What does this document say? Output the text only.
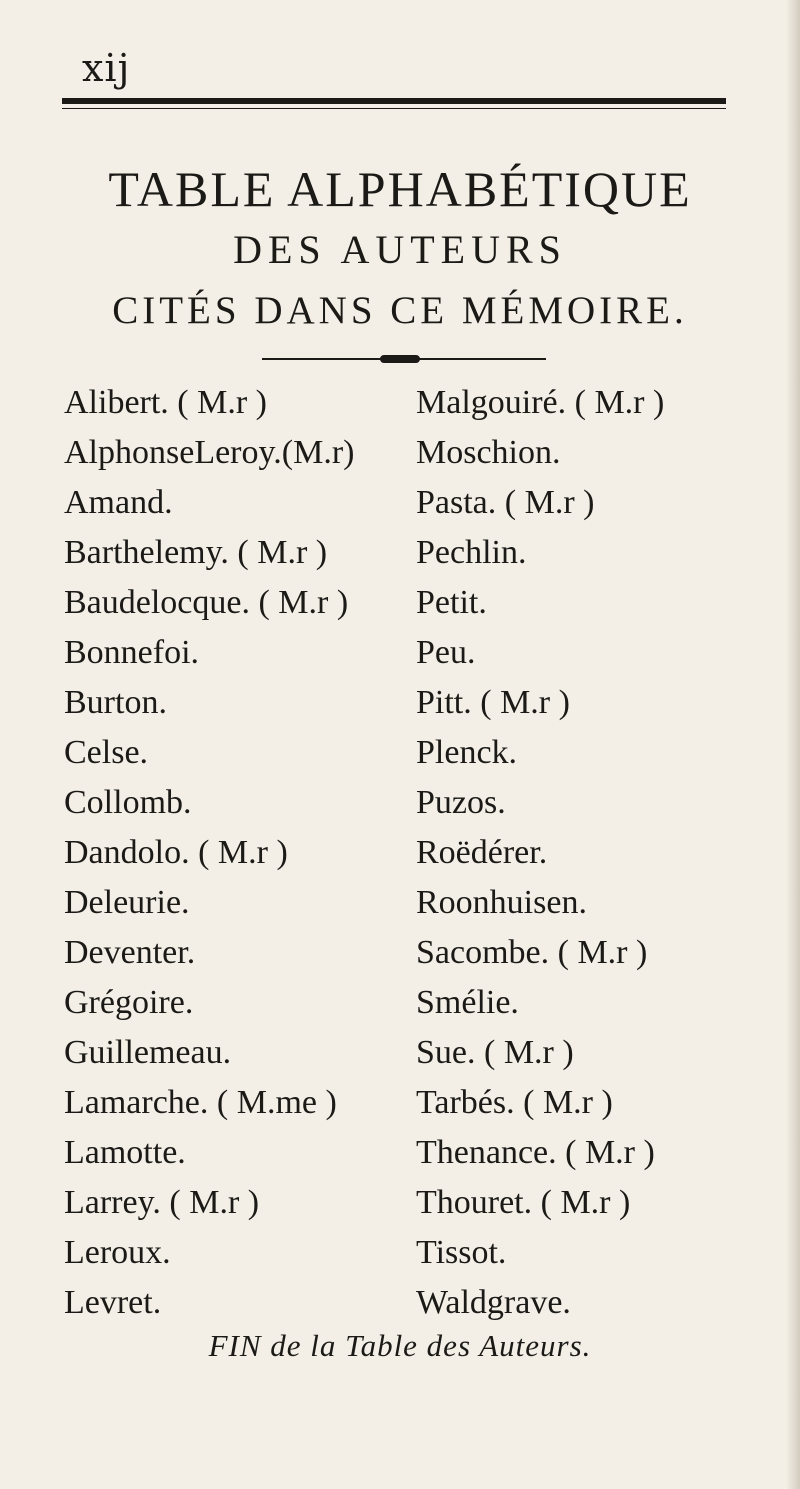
xij
TABLE ALPHABÉTIQUE
DES AUTEURS
CITÉS DANS CE MÉMOIRE.
Alibert. ( M.r )
AlphonseLeroy.(M.r)
Amand.
Barthelemy. ( M.r )
Baudelocque. ( M.r )
Bonnefoi.
Burton.
Celse.
Collomb.
Dandolo. ( M.r )
Deleurie.
Deventer.
Grégoire.
Guillemeau.
Lamarche. ( M.me )
Lamotte.
Larrey. ( M.r )
Leroux.
Levret.
Malgouiré. ( M.r )
Moschion.
Pasta. ( M.r )
Pechlin.
Petit.
Peu.
Pitt. ( M.r )
Plenck.
Puzos.
Roëdérer.
Roonhuisen.
Sacombe. ( M.r )
Smélie.
Sue. ( M.r )
Tarbés. ( M.r )
Thenance. ( M.r )
Thouret. ( M.r )
Tissot.
Waldgrave.
FIN de la Table des Auteurs.
